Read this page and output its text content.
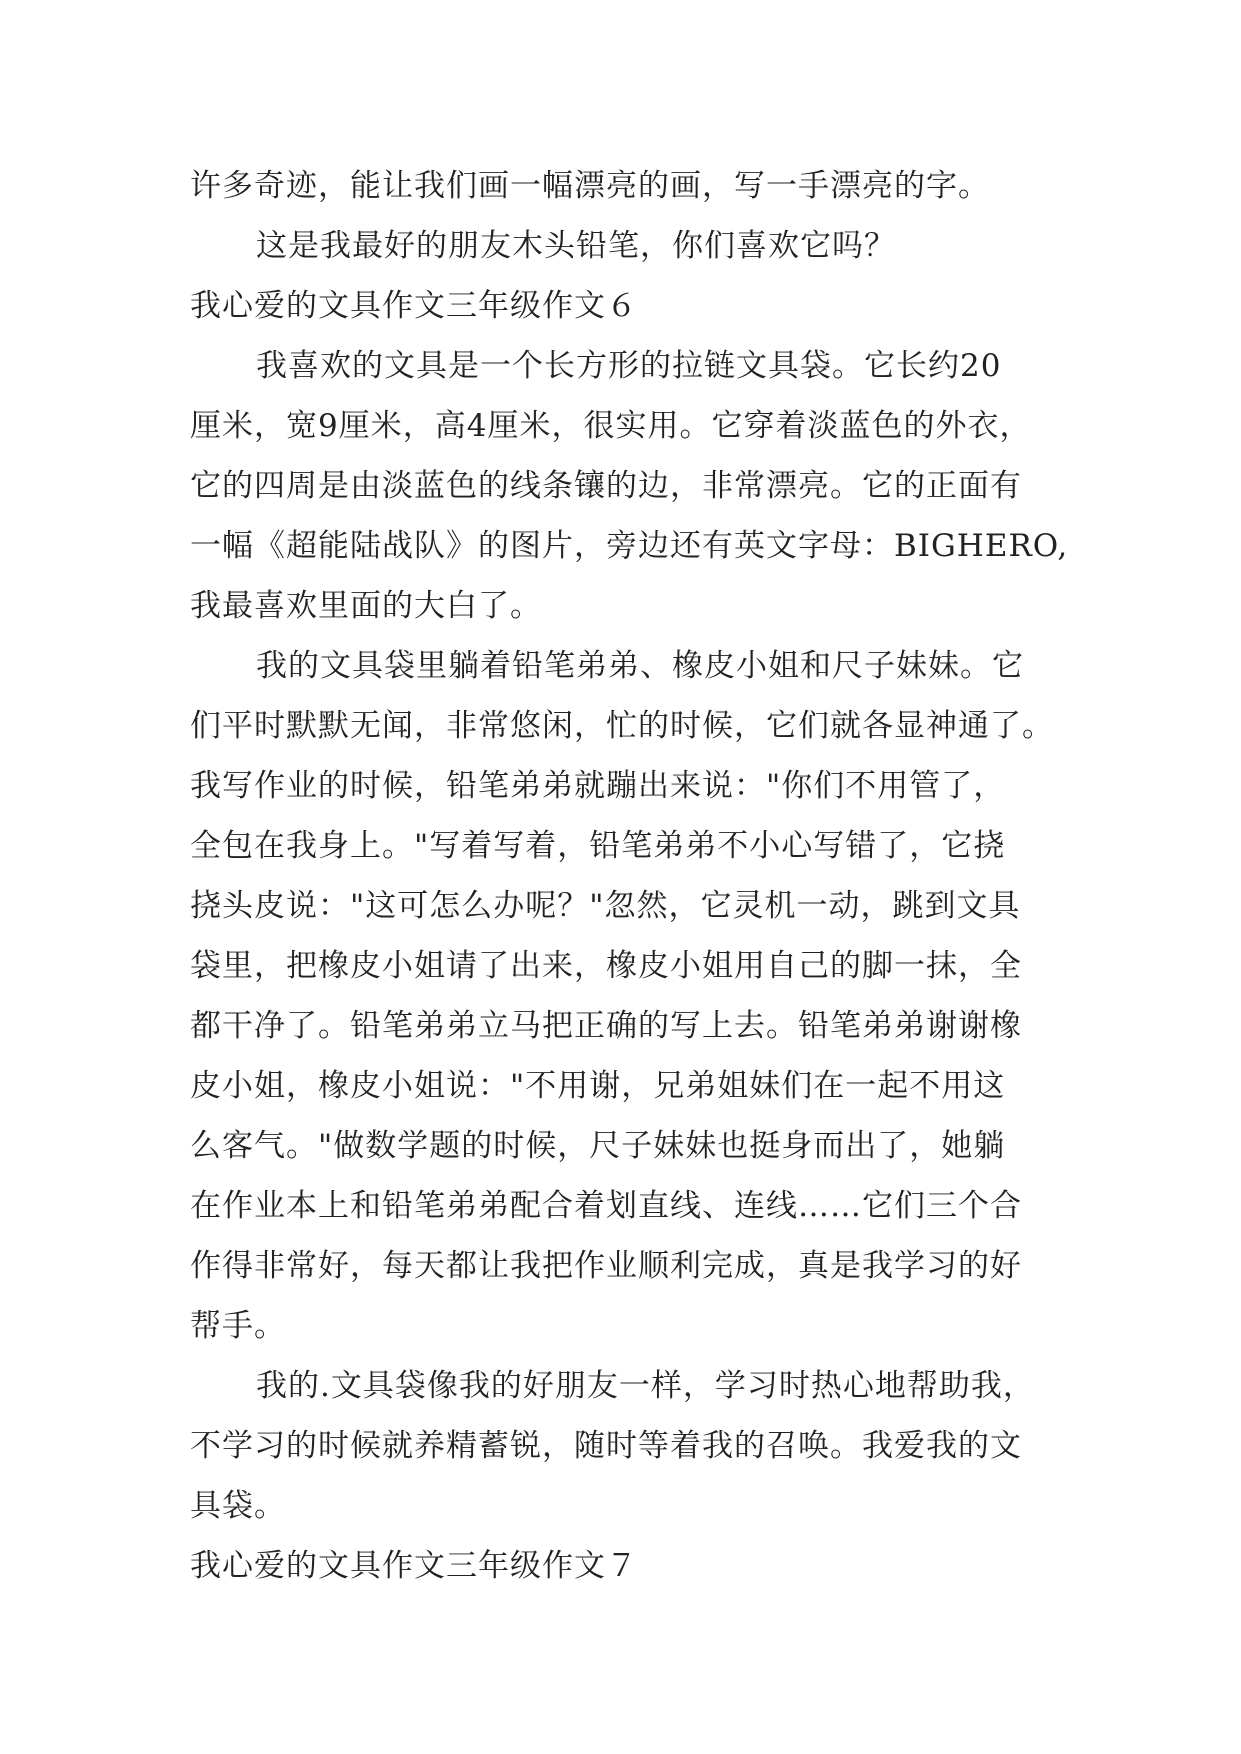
许多奇迹，能让我们画一幅漂亮的画，写一手漂亮的字。
这是我最好的朋友木头铅笔，你们喜欢它吗？
我心爱的文具作文三年级作文６
我喜欢的文具是一个长方形的拉链文具袋。它长约20
厘米，宽9厘米，高4厘米，很实用。它穿着淡蓝色的外衣，
它的四周是由淡蓝色的线条镶的边，非常漂亮。它的正面有
一幅《超能陆战队》的图片，旁边还有英文字母：BIGHERO,
我最喜欢里面的大白了。
我的文具袋里躺着铅笔弟弟、橡皮小姐和尺子妹妹。它
们平时默默无闻，非常悠闲，忙的时候，它们就各显神通了。
我写作业的时候，铅笔弟弟就蹦出来说："你们不用管了，
全包在我身上。"写着写着，铅笔弟弟不小心写错了，它挠
挠头皮说："这可怎么办呢？"忽然，它灵机一动，跳到文具
袋里，把橡皮小姐请了出来，橡皮小姐用自己的脚一抹，全
都干净了。铅笔弟弟立马把正确的写上去。铅笔弟弟谢谢橡
皮小姐，橡皮小姐说："不用谢，兄弟姐妹们在一起不用这
么客气。"做数学题的时候，尺子妹妹也挺身而出了，她躺
在作业本上和铅笔弟弟配合着划直线、连线……它们三个合
作得非常好，每天都让我把作业顺利完成，真是我学习的好
帮手。
我的.文具袋像我的好朋友一样，学习时热心地帮助我，
不学习的时候就养精蓄锐，随时等着我的召唤。我爱我的文
具袋。
我心爱的文具作文三年级作文７
